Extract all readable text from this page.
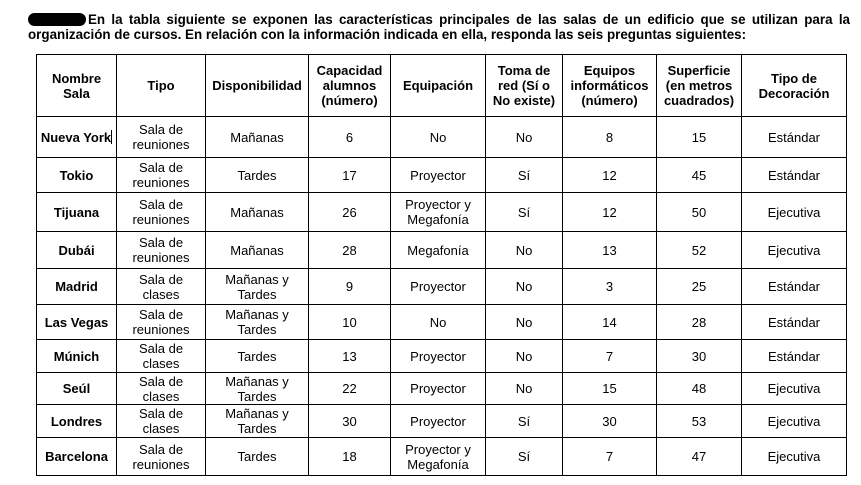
En la tabla siguiente se exponen las características principales de las salas de un edificio que se utilizan para la organización de cursos. En relación con la información indicada en ella, responda las seis preguntas siguientes:
Nombre Sala	Tipo	Disponibilidad	Capacidad alumnos (número)	Equipación	Toma de red (Sí o No existe)	Equipos informáticos (número)	Superficie (en metros cuadrados)	Tipo de Decoración
Nueva York	Sala de reuniones	Mañanas	6	No	No	8	15	Estándar
Tokio	Sala de reuniones	Tardes	17	Proyector	Sí	12	45	Estándar
Tijuana	Sala de reuniones	Mañanas	26	Proyector y Megafonía	Sí	12	50	Ejecutiva
Dubái	Sala de reuniones	Mañanas	28	Megafonía	No	13	52	Ejecutiva
Madrid	Sala de clases	Mañanas y Tardes	9	Proyector	No	3	25	Estándar
Las Vegas	Sala de reuniones	Mañanas y Tardes	10	No	No	14	28	Estándar
Múnich	Sala de clases	Tardes	13	Proyector	No	7	30	Estándar
Seúl	Sala de clases	Mañanas y Tardes	22	Proyector	No	15	48	Ejecutiva
Londres	Sala de clases	Mañanas y Tardes	30	Proyector	Sí	30	53	Ejecutiva
Barcelona	Sala de reuniones	Tardes	18	Proyector y Megafonía	Sí	7	47	Ejecutiva
